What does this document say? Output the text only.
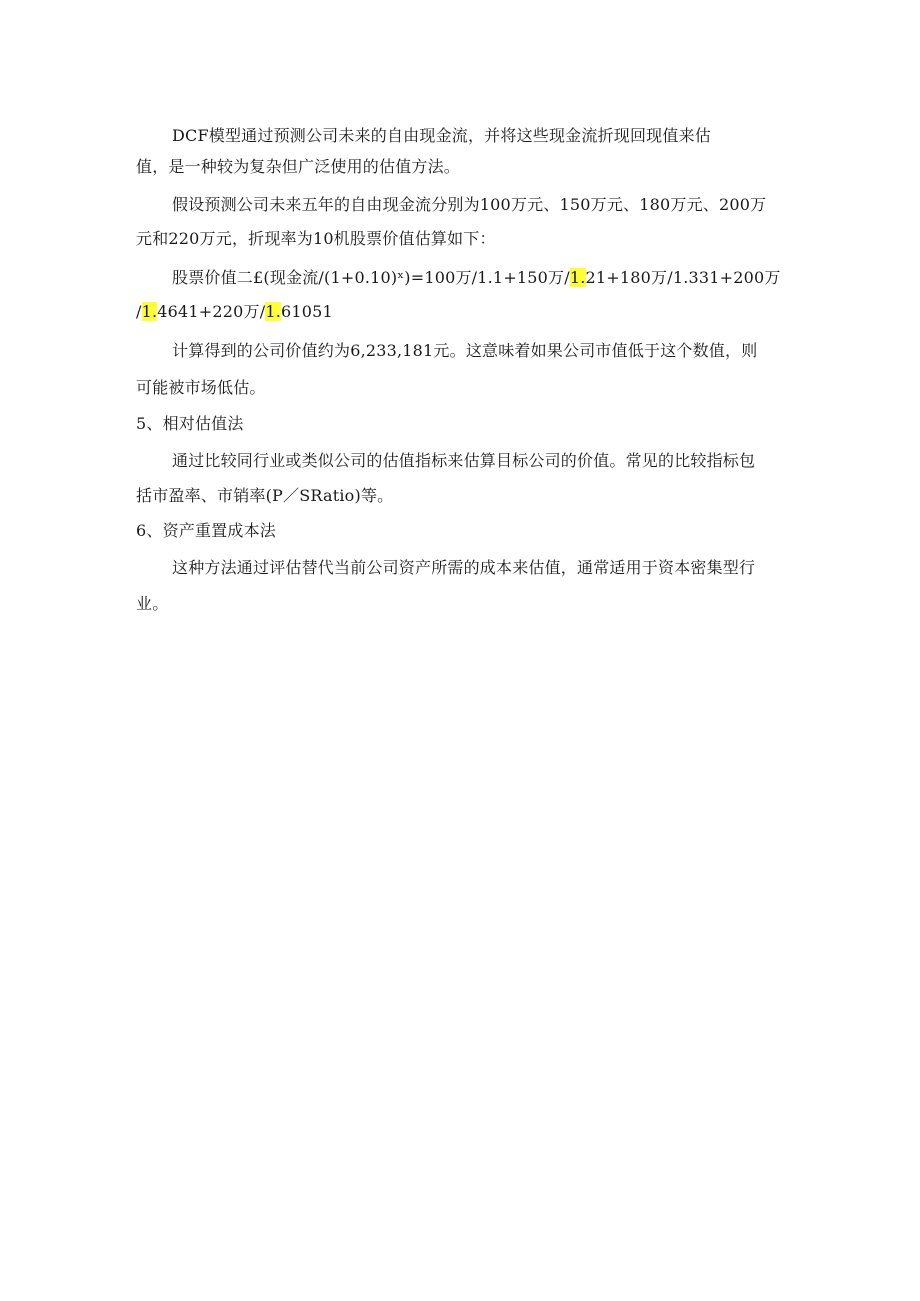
DCF模型通过预测公司未来的自由现金流，并将这些现金流折现回现值来估
值，是一种较为复杂但广泛使用的估值方法。
假设预测公司未来五年的自由现金流分别为100万元、150万元、180万元、200万
元和220万元，折现率为10机股票价值估算如下：
股票价值二£(现金流/(1+0.10)ˣ)=100万/1.1+150万/1.21+180万/1.331+200万
/1.4641+220万/1.61051
计算得到的公司价值约为6,233,181元。这意味着如果公司市值低于这个数值，则
可能被市场低估。
5、相对估值法
通过比较同行业或类似公司的估值指标来估算目标公司的价值。常见的比较指标包
括市盈率、市销率(P／SRatio)等。
6、资产重置成本法
这种方法通过评估替代当前公司资产所需的成本来估值，通常适用于资本密集型行
业。
